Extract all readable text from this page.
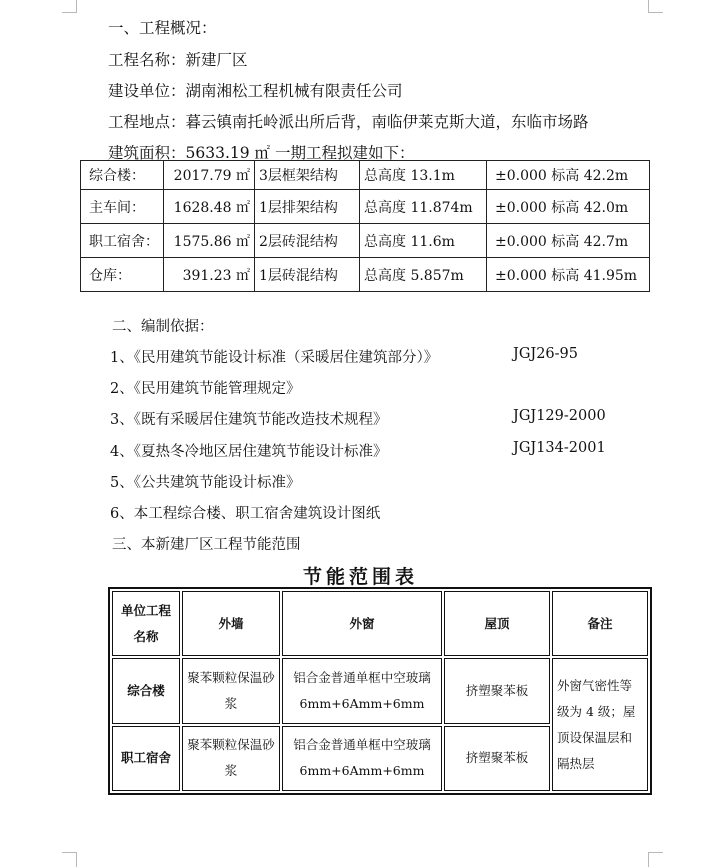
一、工程概况：
工程名称：新建厂区
建设单位：湖南湘松工程机械有限责任公司
工程地点：暮云镇南托岭派出所后背，南临伊莱克斯大道，东临市场路
建筑面积：5633.19 ㎡ 一期工程拟建如下：
综合楼：	2017.79 ㎡	3层框架结构	总高度 13.1m	±0.000 标高 42.2m
主车间：	1628.48 ㎡	1层排架结构	总高度 11.874m	±0.000 标高 42.0m
职工宿舍：	1575.86 ㎡	2层砖混结构	总高度 11.6m	±0.000 标高 42.7m
仓库：	391.23 ㎡	1层砖混结构	总高度 5.857m	±0.000 标高 41.95m
二、编制依据：
1、《民用建筑节能设计标准（采暖居住建筑部分）》	JGJ26-95
2、《民用建筑节能管理规定》
3、《既有采暖居住建筑节能改造技术规程》	JGJ129-2000
4、《夏热冬冷地区居住建筑节能设计标准》	JGJ134-2001
5、《公共建筑节能设计标准》
6、本工程综合楼、职工宿舍建筑设计图纸
三、本新建厂区工程节能范围
节能范围表
单位工程名称	外墙	外窗	屋顶	备注
综合楼	聚苯颗粒保温砂浆	铝合金普通单框中空玻璃 6mm+6Amm+6mm	挤塑聚苯板	外窗气密性等级为 4 级；屋顶设保温层和隔热层
职工宿舍	聚苯颗粒保温砂浆	铝合金普通单框中空玻璃 6mm+6Amm+6mm	挤塑聚苯板	
